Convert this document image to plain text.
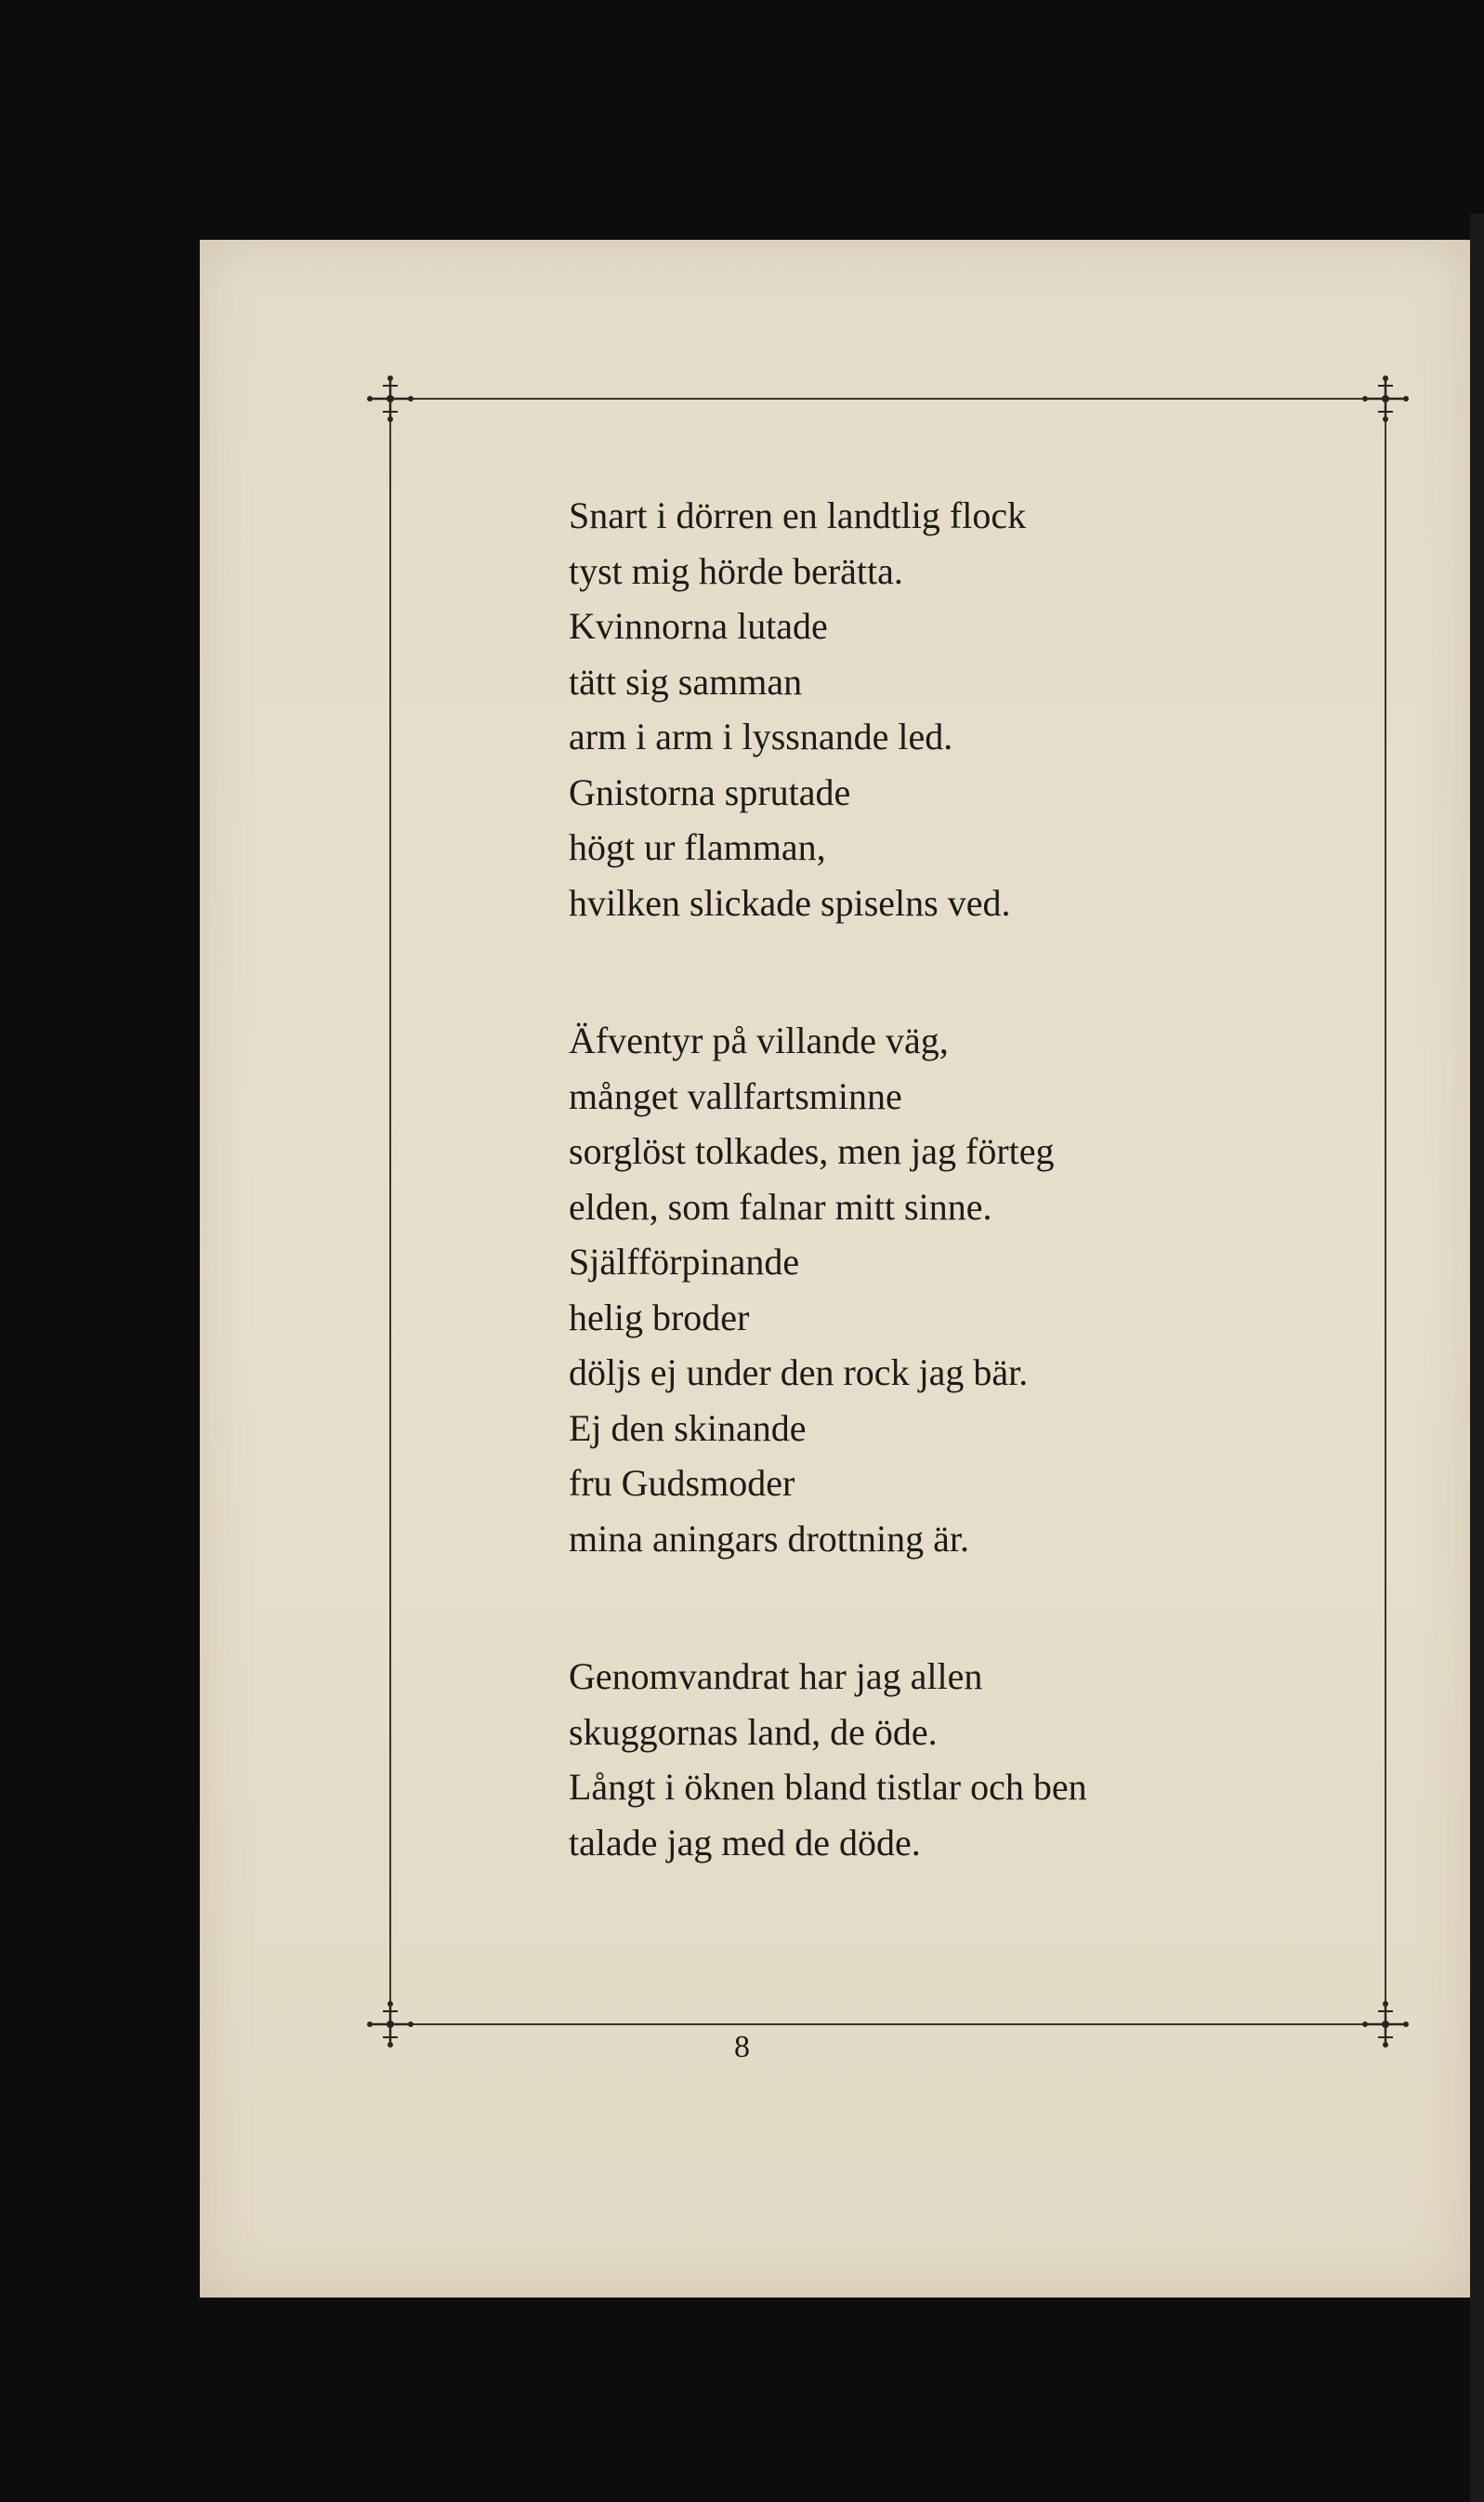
Snart i dörren en landtlig flock
tyst mig hörde berätta.
Kvinnorna lutade
tätt sig samman
arm i arm i lyssnande led.
Gnistorna sprutade
högt ur flamman,
hvilken slickade spiselns ved.
Äfventyr på villande väg,
månget vallfartsminne
sorglöst tolkades, men jag förteg
elden, som falnar mitt sinne.
Själfförpinande
helig broder
döljs ej under den rock jag bär.
Ej den skinande
fru Gudsmoder
mina aningars drottning är.
Genomvandrat har jag allen
skuggornas land, de öde.
Långt i öknen bland tistlar och ben
talade jag med de döde.
8
